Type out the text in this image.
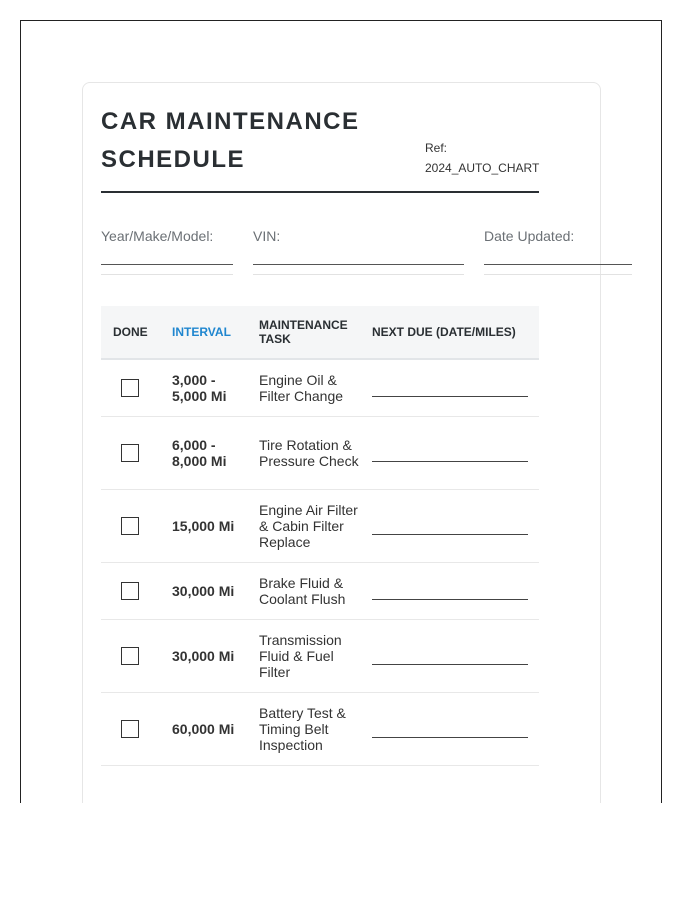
CAR MAINTENANCE SCHEDULE	Ref:
2024_AUTO_CHART
Year/Make/Model:	VIN:	Date Updated:
DONE	INTERVAL	MAINTENANCE TASK	NEXT DUE (DATE/MILES)
	3,000 - 5,000 Mi	Engine Oil & Filter Change	

	6,000 - 8,000 Mi	Tire Rotation & Pressure Check	

	15,000 Mi	Engine Air Filter & Cabin Filter Replace	

	30,000 Mi	Brake Fluid & Coolant Flush	

	30,000 Mi	Transmission Fluid & Fuel Filter	

	60,000 Mi	Battery Test & Timing Belt Inspection	
